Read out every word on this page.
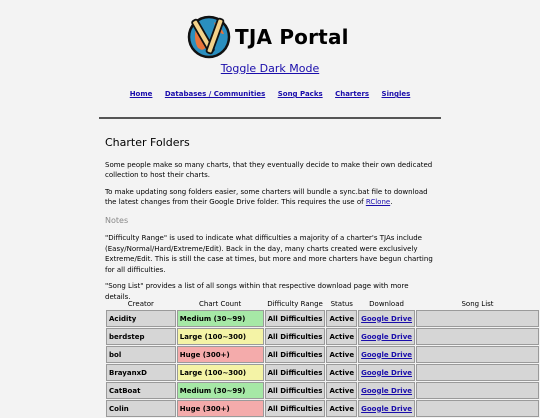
TJA Portal
Toggle Dark Mode
Home Databases / Communities Song Packs Charters Singles
Charter Folders

Some people make so many charts, that they eventually decide to make their own dedicated collection to host their charts.

To make updating song folders easier, some charters will bundle a sync.bat file to download the latest changes from their Google Drive folder. This requires the use of RClone.

Notes

"Difficulty Range" is used to indicate what difficulties a majority of a charter's TJAs include (Easy/Normal/Hard/Extreme/Edit). Back in the day, many charts created were exclusively Extreme/Edit. This is still the case at times, but more and more charters have begun charting for all difficulties.

"Song List" provides a list of all songs within that respective download page with more details.

Creator	Chart Count	Difficulty Range	Status	Download	Song List
Acidity	Medium (30~99)	All Difficulties	Active	Google Drive	
berdstep	Large (100~300)	All Difficulties	Active	Google Drive	
bol	Huge (300+)	All Difficulties	Active	Google Drive	
BrayanxD	Large (100~300)	All Difficulties	Active	Google Drive	
CatBoat	Medium (30~99)	All Difficulties	Active	Google Drive	
Colin	Huge (300+)	All Difficulties	Active	Google Drive	
